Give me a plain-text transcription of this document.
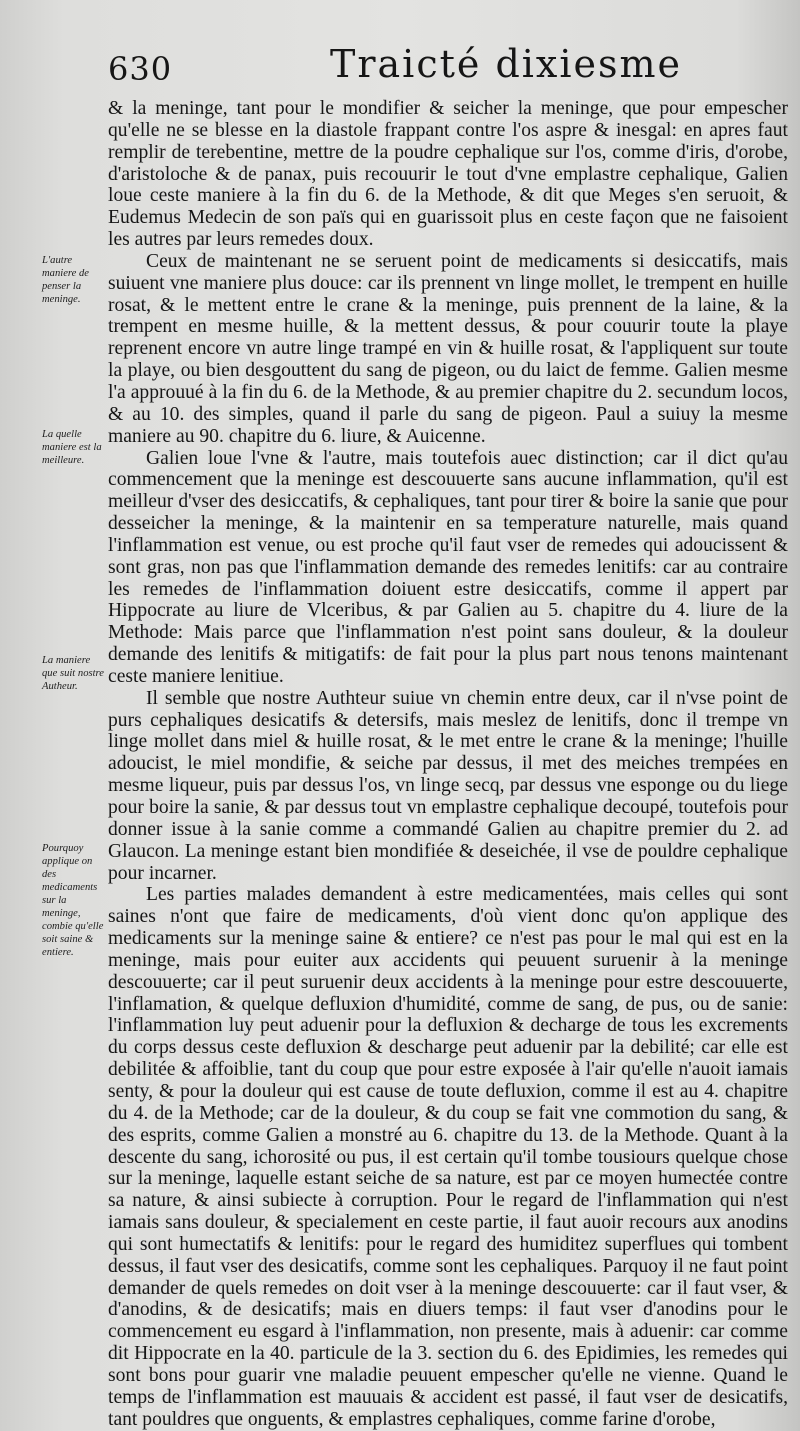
630	Traicté dixiesme
L'autre maniere de penser la meninge.
La quelle maniere est la meilleure.
La maniere que suit nostre Autheur.
Pourquoy applique on des medicaments sur la meninge, combie qu'elle soit saine & entiere.

& la meninge, tant pour le mondifier & seicher la meninge, que pour empescher qu'elle ne se blesse en la diastole frappant contre l'os aspre & inesgal: en apres faut remplir de terebentine, mettre de la poudre cephalique sur l'os, comme d'iris, d'orobe, d'aristoloche & de panax, puis recouurir le tout d'vne emplastre cephalique, Galien loue ceste maniere à la fin du 6. de la Methode, & dit que Meges s'en seruoit, & Eudemus Medecin de son païs qui en guarissoit plus en ceste façon que ne faisoient les autres par leurs remedes doux.

Ceux de maintenant ne se seruent point de medicaments si desiccatifs, mais suiuent vne maniere plus douce: car ils prennent vn linge mollet, le trempent en huille rosat, & le mettent entre le crane & la meninge, puis prennent de la laine, & la trempent en mesme huille, & la mettent dessus, & pour couurir toute la playe reprenent encore vn autre linge trampé en vin & huille rosat, & l'appliquent sur toute la playe, ou bien desgouttent du sang de pigeon, ou du laict de femme. Galien mesme l'a approuué à la fin du 6. de la Methode, & au premier chapitre du 2. secundum locos, & au 10. des simples, quand il parle du sang de pigeon. Paul a suiuy la mesme maniere au 90. chapitre du 6. liure, & Auicenne.

Galien loue l'vne & l'autre, mais toutefois auec distinction; car il dict qu'au commencement que la meninge est descouuerte sans aucune inflammation, qu'il est meilleur d'vser des desiccatifs, & cephaliques, tant pour tirer & boire la sanie que pour desseicher la meninge, & la maintenir en sa temperature naturelle, mais quand l'inflammation est venue, ou est proche qu'il faut vser de remedes qui adoucissent & sont gras, non pas que l'inflammation demande des remedes lenitifs: car au contraire les remedes de l'inflammation doiuent estre desiccatifs, comme il appert par Hippocrate au liure de Vlceribus, & par Galien au 5. chapitre du 4. liure de la Methode: Mais parce que l'inflammation n'est point sans douleur, & la douleur demande des lenitifs & mitigatifs: de fait pour la plus part nous tenons maintenant ceste maniere lenitiue.

Il semble que nostre Authteur suiue vn chemin entre deux, car il n'vse point de purs cephaliques desicatifs & detersifs, mais meslez de lenitifs, donc il trempe vn linge mollet dans miel & huille rosat, & le met entre le crane & la meninge; l'huille adoucist, le miel mondifie, & seiche par dessus, il met des meiches trempées en mesme liqueur, puis par dessus l'os, vn linge secq, par dessus vne esponge ou du liege pour boire la sanie, & par dessus tout vn emplastre cephalique decoupé, toutefois pour donner issue à la sanie comme a commandé Galien au chapitre premier du 2. ad Glaucon. La meninge estant bien mondifiée & deseichée, il vse de pouldre cephalique pour incarner.

Les parties malades demandent à estre medicamentées, mais celles qui sont saines n'ont que faire de medicaments, d'où vient donc qu'on applique des medicaments sur la meninge saine & entiere? ce n'est pas pour le mal qui est en la meninge, mais pour euiter aux accidents qui peuuent suruenir à la meninge descouuerte; car il peut suruenir deux accidents à la meninge pour estre descouuerte, l'inflamation, & quelque defluxion d'humidité, comme de sang, de pus, ou de sanie: l'inflammation luy peut aduenir pour la defluxion & decharge de tous les excrements du corps dessus ceste defluxion & descharge peut aduenir par la debilité; car elle est debilitée & affoiblie, tant du coup que pour estre exposée à l'air qu'elle n'auoit iamais senty, & pour la douleur qui est cause de toute defluxion, comme il est au 4. chapitre du 4. de la Methode; car de la douleur, & du coup se fait vne commotion du sang, & des esprits, comme Galien a monstré au 6. chapitre du 13. de la Methode. Quant à la descente du sang, ichorosité ou pus, il est certain qu'il tombe tousiours quelque chose sur la meninge, laquelle estant seiche de sa nature, est par ce moyen humectée contre sa nature, & ainsi subiecte à corruption. Pour le regard de l'inflammation qui n'est iamais sans douleur, & specialement en ceste partie, il faut auoir recours aux anodins qui sont humectatifs & lenitifs: pour le regard des humiditez superflues qui tombent dessus, il faut vser des desicatifs, comme sont les cephaliques. Parquoy il ne faut point demander de quels remedes on doit vser à la meninge descouuerte: car il faut vser, & d'anodins, & de desicatifs; mais en diuers temps: il faut vser d'anodins pour le commencement eu esgard à l'inflammation, non presente, mais à aduenir: car comme dit Hippocrate en la 40. particule de la 3. section du 6. des Epidimies, les remedes qui sont bons pour guarir vne maladie peuuent empescher qu'elle ne vienne. Quand le temps de l'inflammation est mauuais & accident est passé, il faut vser de desicatifs, tant pouldres que onguents, & emplastres cephaliques, comme farine d'orobe,
